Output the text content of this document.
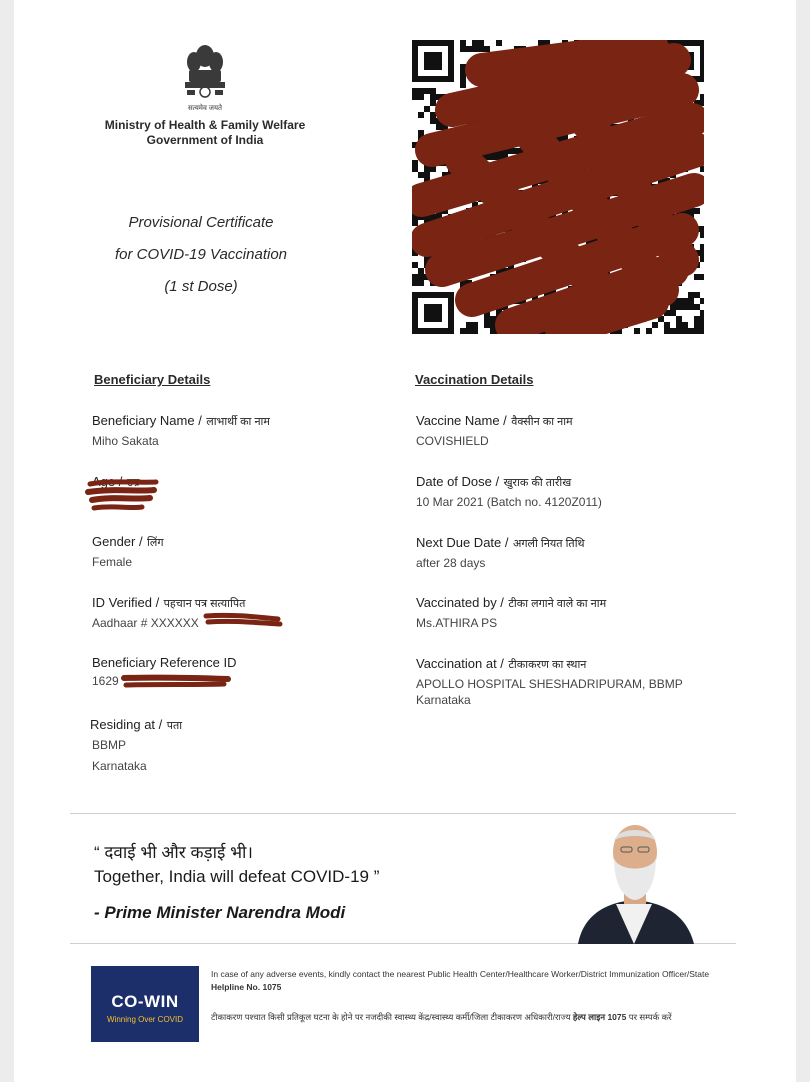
सत्यमेव जयते
Ministry of Health & Family Welfare
Government of India
Provisional Certificate
for COVID-19 Vaccination
(1 st Dose)
Beneficiary Details
Beneficiary Name / लाभार्थी का नाम
Miho Sakata
Age / उम्र
Gender / लिंग
Female
ID Verified / पहचान पत्र सत्यापित
Aadhaar # XXXXXX
Beneficiary Reference ID
1629
Residing at / पता
BBMP
Karnataka
Vaccination Details
Vaccine Name / वैक्सीन का नाम
COVISHIELD
Date of Dose / खुराक की तारीख
10 Mar 2021 (Batch no. 4120Z011)
Next Due Date / अगली नियत तिथि
after 28 days
Vaccinated by / टीका लगाने वाले का नाम
Ms.ATHIRA PS
Vaccination at / टीकाकरण का स्थान
APOLLO HOSPITAL SHESHADRIPURAM, BBMP
Karnataka
“ दवाई भी और कड़ाई भी।
Together, India will defeat COVID-19 ”
- Prime Minister Narendra Modi
CO-WIN
Winning Over COVID
In case of any adverse events, kindly contact the nearest Public Health Center/Healthcare Worker/District Immunization Officer/State Helpline No. 1075
टीकाकरण पश्चात किसी प्रतिकूल घटना के होने पर नजदीकी स्वास्थ्य केंद्र/स्वास्थ्य कर्मी/जिला टीकाकरण अधिकारी/राज्य हेल्प लाइन 1075 पर सम्पर्क करें
